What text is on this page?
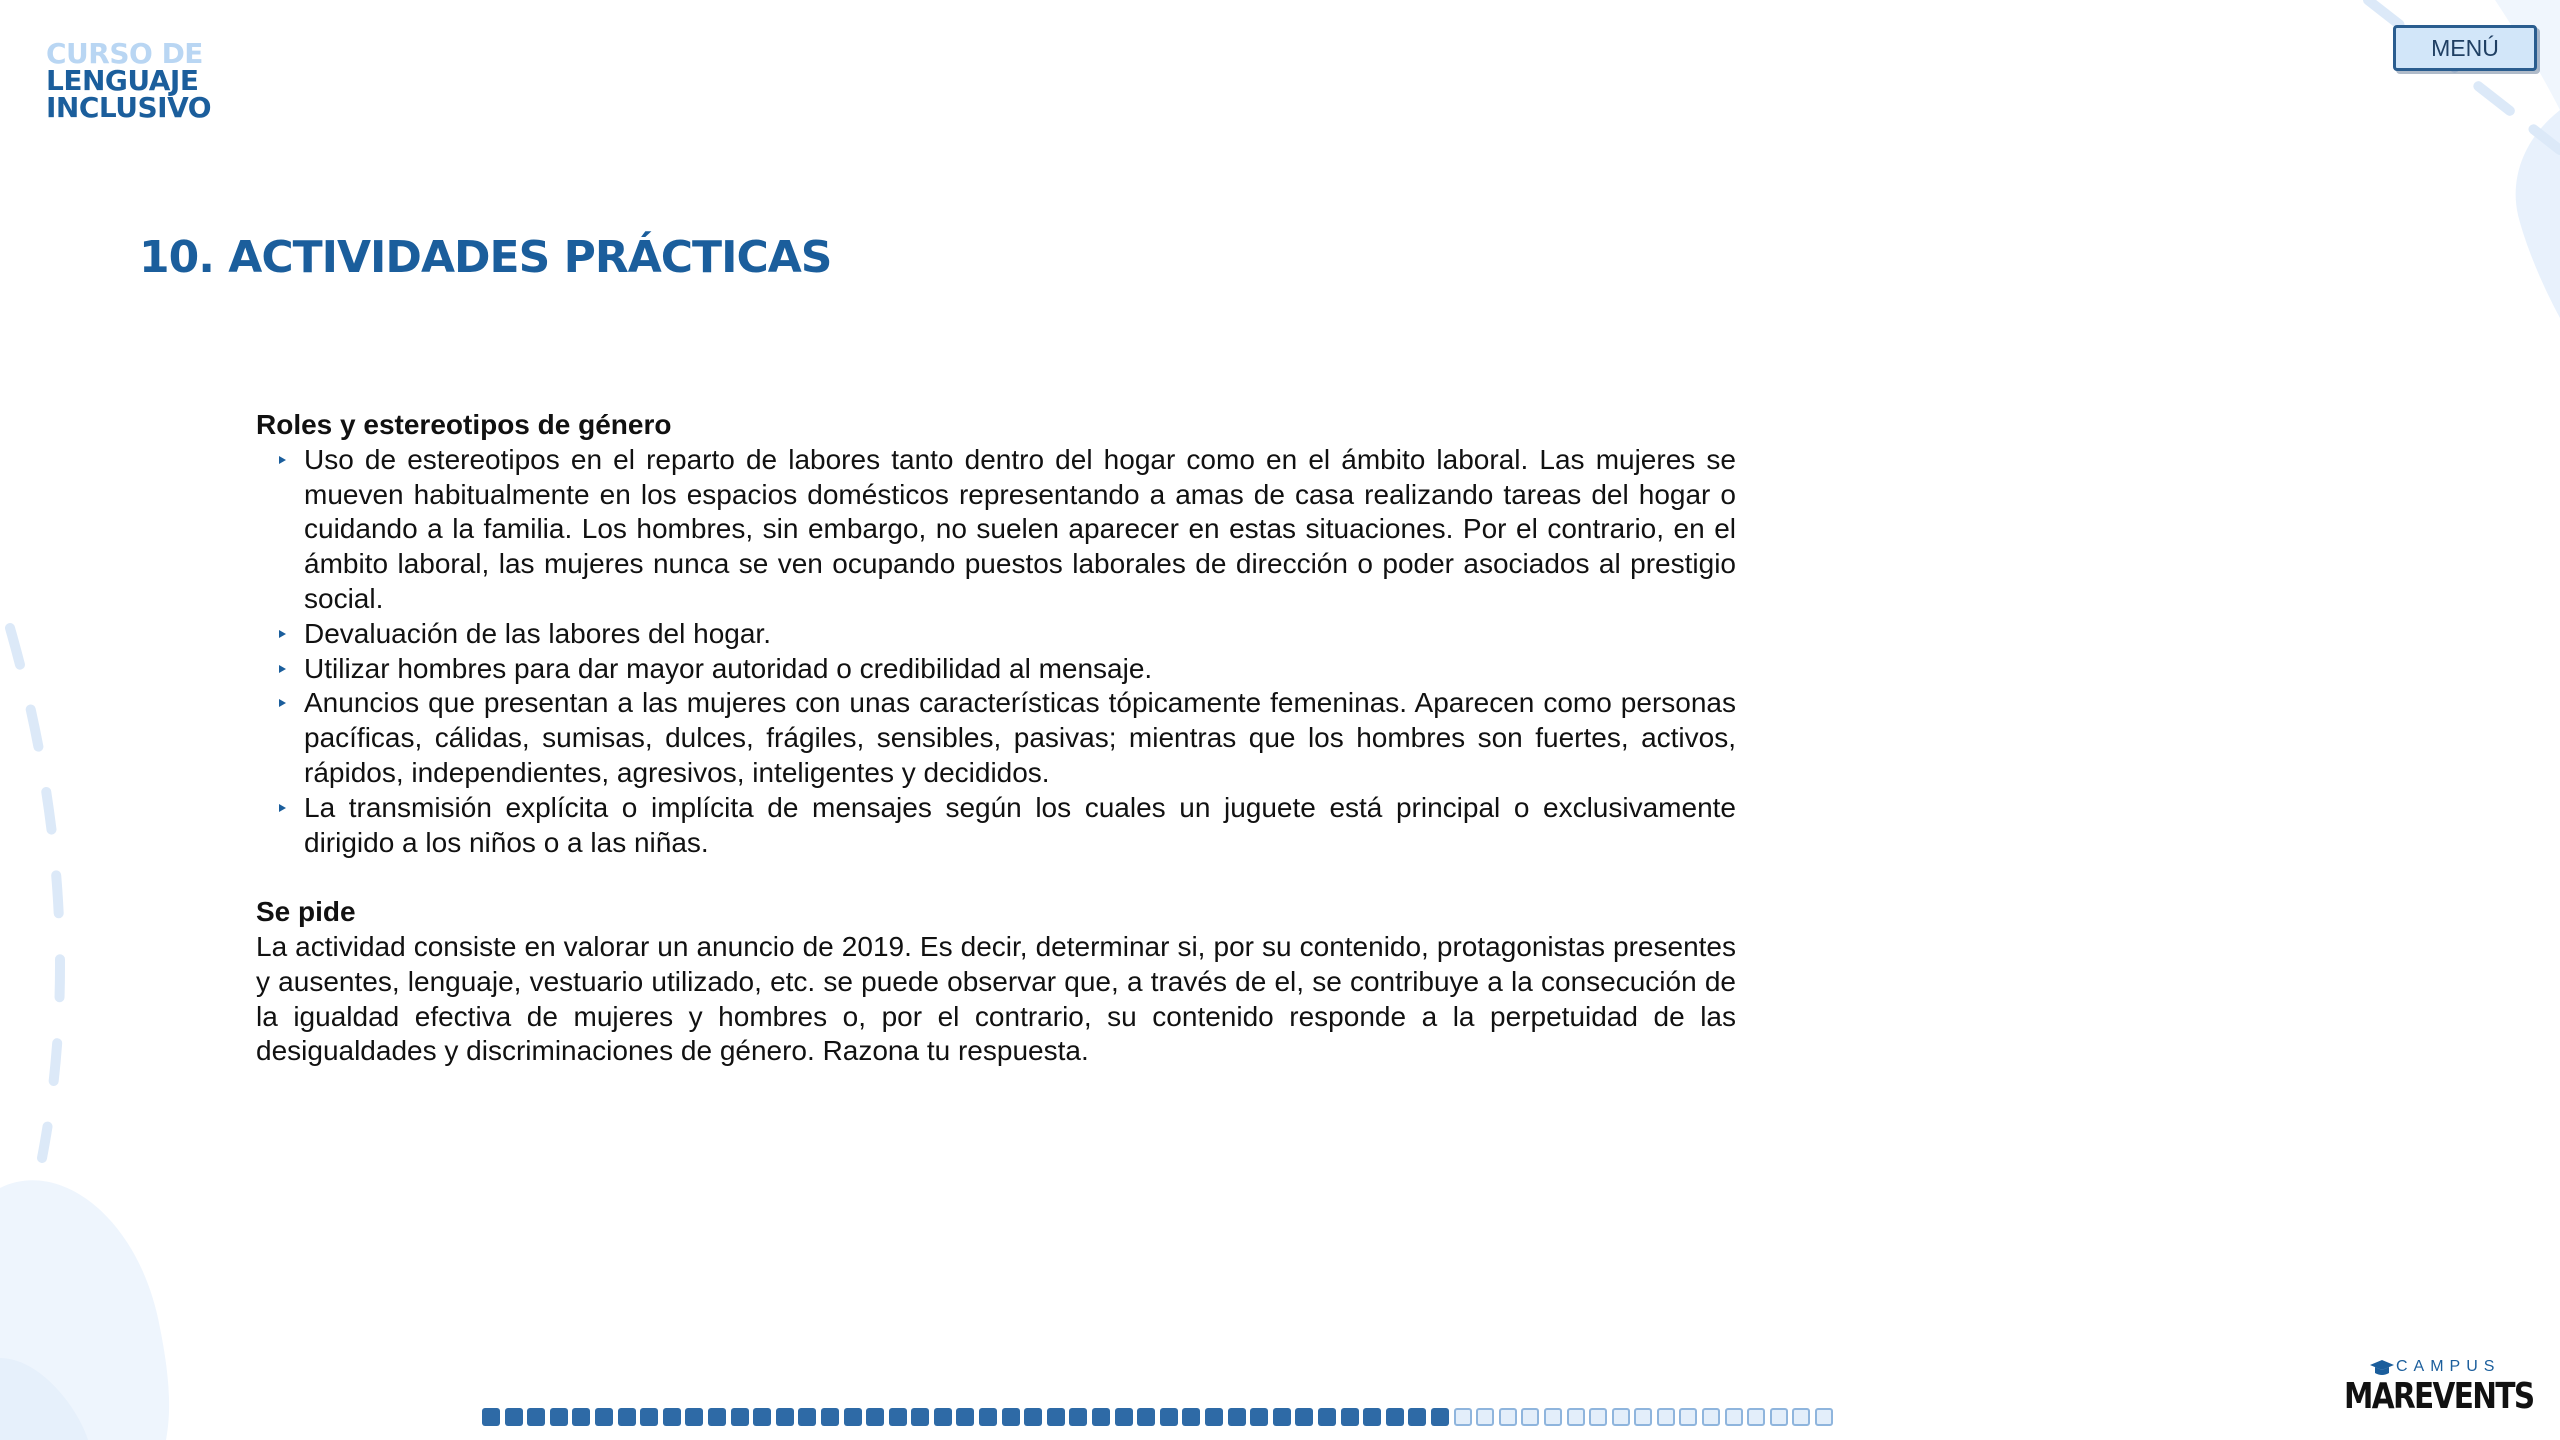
CURSO DE
LENGUAJE
INCLUSIVO
MENÚ
10. ACTIVIDADES PRÁCTICAS
Roles y estereotipos de género
Uso de estereotipos en el reparto de labores tanto dentro del hogar como en el ámbito laboral. Las mujeres se mueven habitualmente en los espacios domésticos representando a amas de casa realizando tareas del hogar o cuidando a la familia. Los hombres, sin embargo, no suelen aparecer en estas situaciones. Por el contrario, en el ámbito laboral, las mujeres nunca se ven ocupando puestos laborales de dirección o poder asociados al prestigio social.
Devaluación de las labores del hogar.
Utilizar hombres para dar mayor autoridad o credibilidad al mensaje.
Anuncios que presentan a las mujeres con unas características tópicamente femeninas. Aparecen como personas pacíficas, cálidas, sumisas, dulces, frágiles, sensibles, pasivas; mientras que los hombres son fuertes, activos, rápidos, independientes, agresivos, inteligentes y decididos.
La transmisión explícita o implícita de mensajes según los cuales un juguete está principal o exclusivamente dirigido a los niños o a las niñas.
Se pide

La actividad consiste en valorar un anuncio de 2019. Es decir, determinar si, por su contenido, protagonistas presentes y ausentes, lenguaje, vestuario utilizado, etc. se puede observar que, a través de el, se contribuye a la consecución de la igualdad efectiva de mujeres y hombres o, por el contrario, su contenido responde a la perpetuidad de las desigualdades y discriminaciones de género. Razona tu respuesta.

CAMPUS
MAREVENTS
